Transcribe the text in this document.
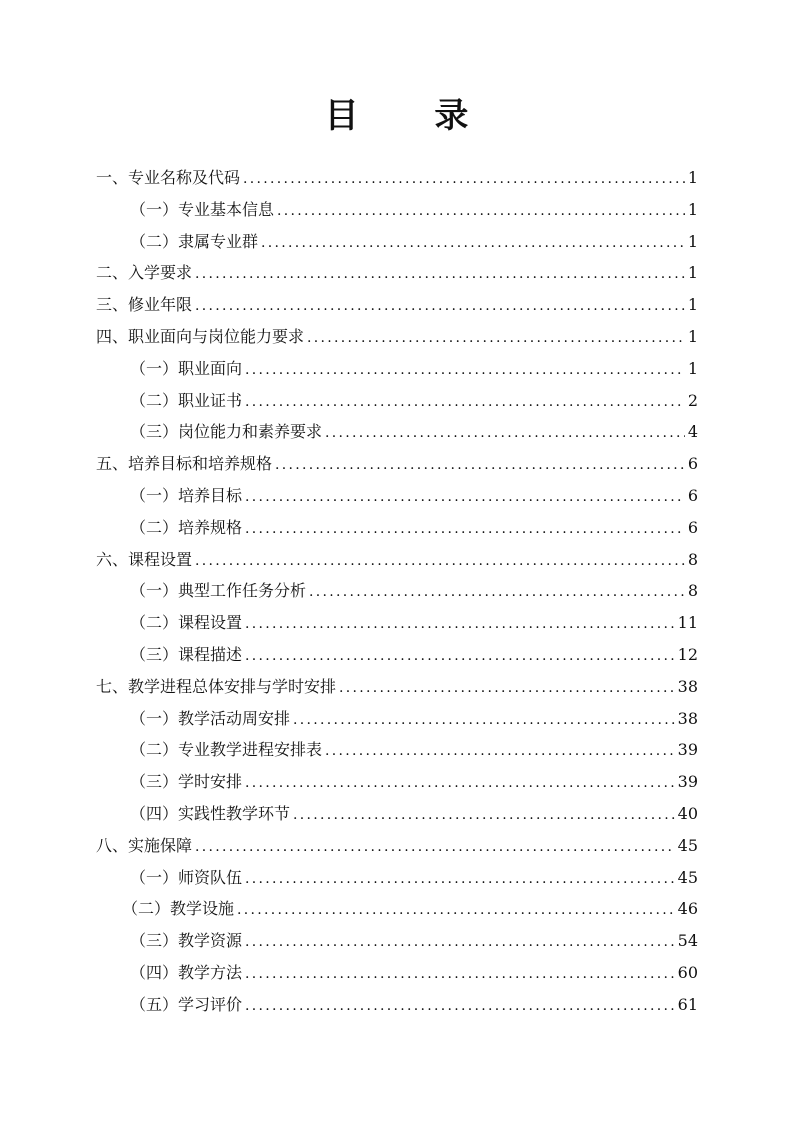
目 录
一、专业名称及代码 .....	1
（一）专业基本信息 .....	1
（二）隶属专业群 .....	1
二、入学要求 .....	1
三、修业年限 .....	1
四、职业面向与岗位能力要求 .....	1
（一）职业面向 .....	1
（二）职业证书 .....	2
（三）岗位能力和素养要求 .....	4
五、培养目标和培养规格 .....	6
（一）培养目标 .....	6
（二）培养规格 .....	6
六、课程设置 .....	8
（一）典型工作任务分析 .....	8
（二）课程设置 .....	11
（三）课程描述 .....	12
七、教学进程总体安排与学时安排 .....	38
（一）教学活动周安排 .....	38
（二）专业教学进程安排表 .....	39
（三）学时安排 .....	39
（四）实践性教学环节 .....	40
八、实施保障 .....	45
（一）师资队伍 .....	45
（二）教学设施 .....	46
（三）教学资源 .....	54
（四）教学方法 .....	60
（五）学习评价 .....	61
